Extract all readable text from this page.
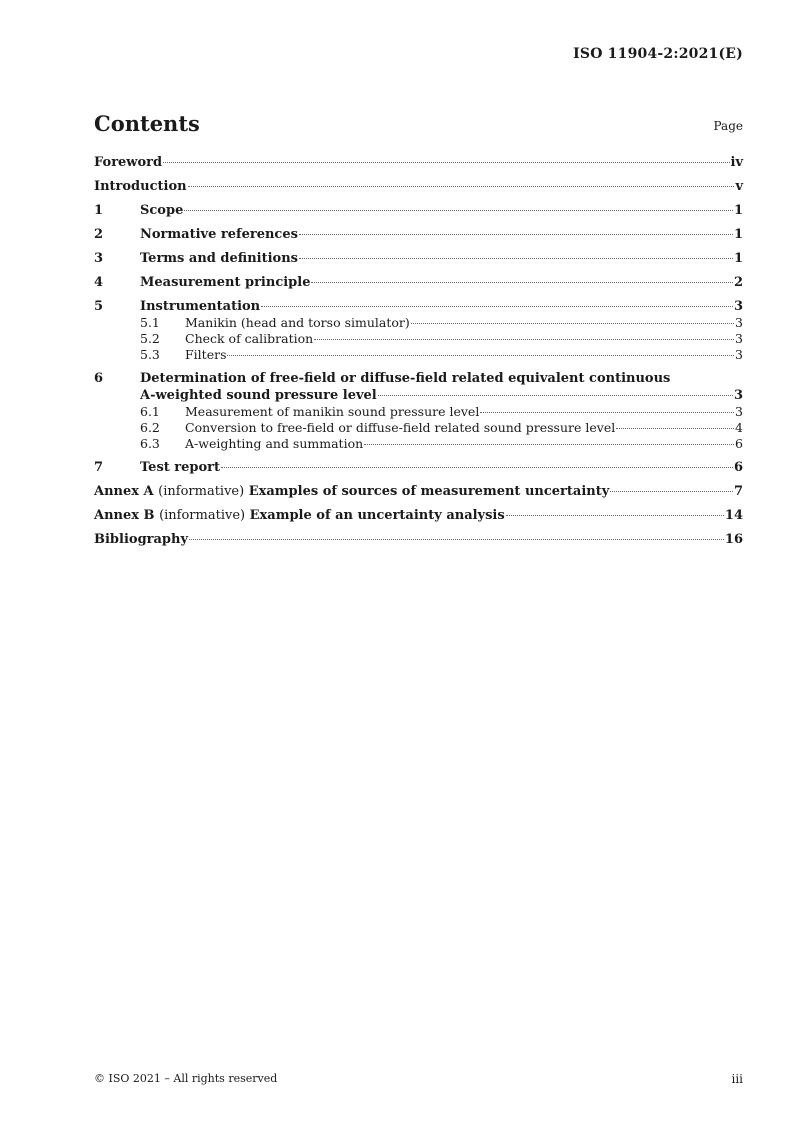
ISO 11904-2:2021(E)
Contents	Page
Foreword	iv
Introduction	v
1	Scope	1
2	Normative references	1
3	Terms and definitions	1
4	Measurement principle	2
5	Instrumentation	3
5.1	Manikin (head and torso simulator)	3
5.2	Check of calibration	3
5.3	Filters	3
6	Determination of free-field or diffuse-field related equivalent continuous
A-weighted sound pressure level	3
6.1	Measurement of manikin sound pressure level	3
6.2	Conversion to free-field or diffuse-field related sound pressure level	4
6.3	A-weighting and summation	6
7	Test report	6
Annex A (informative) Examples of sources of measurement uncertainty	7
Annex B (informative) Example of an uncertainty analysis	14
Bibliography	16
© ISO 2021 – All rights reserved	iii
